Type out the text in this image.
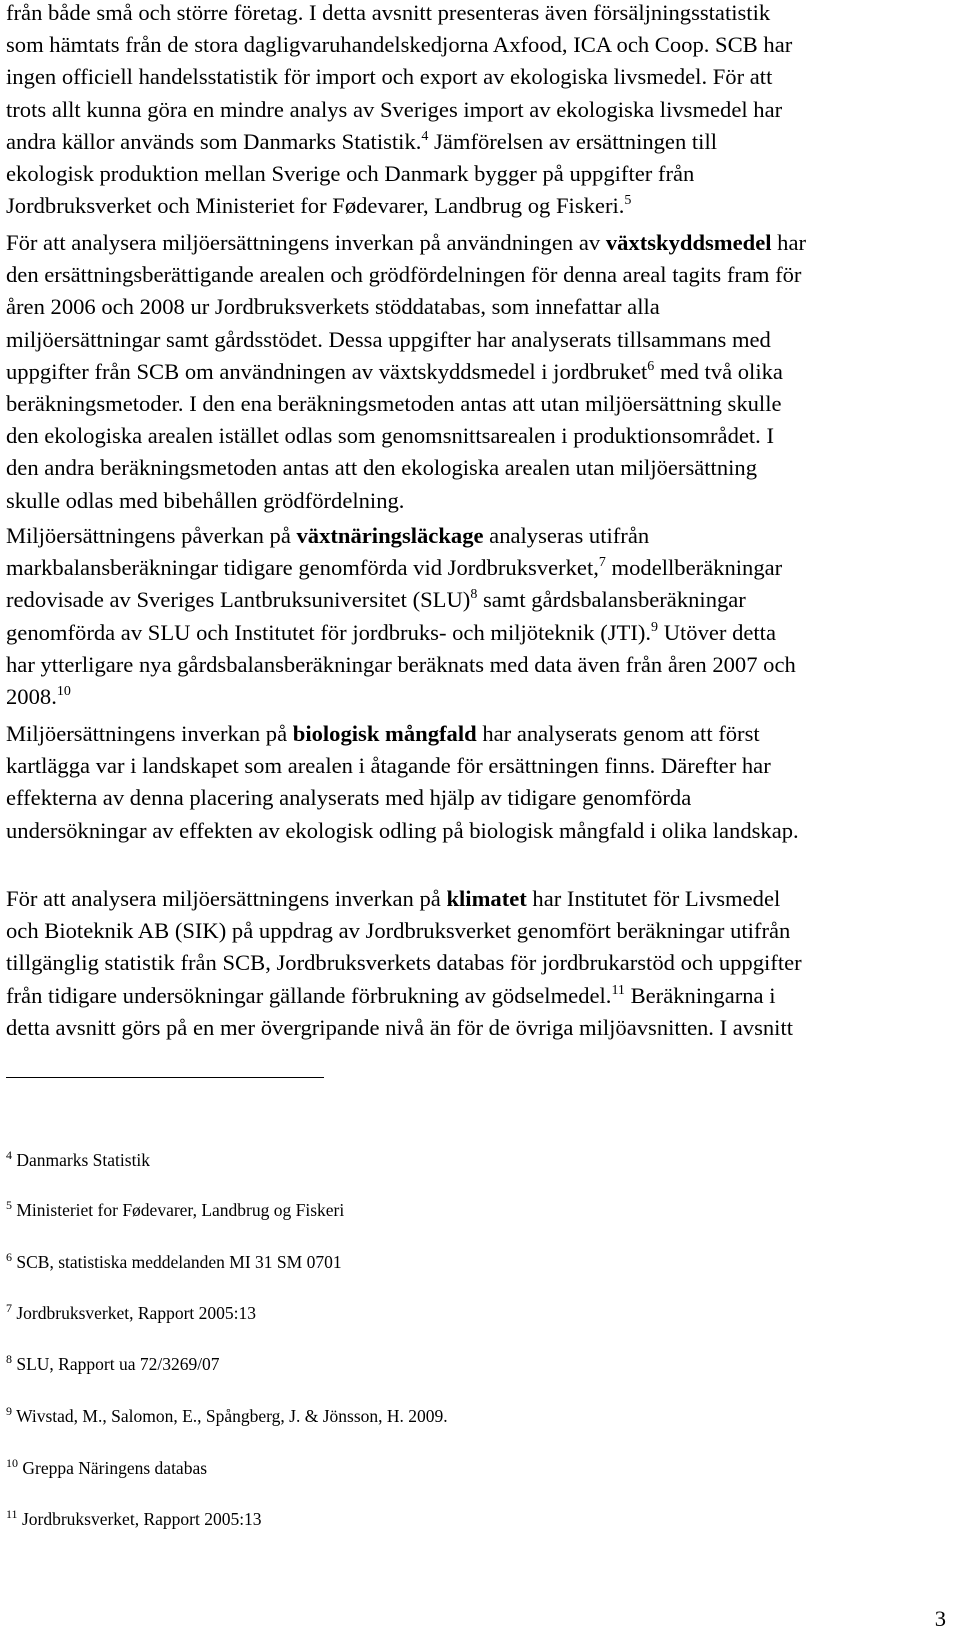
från både små och större företag. I detta avsnitt presenteras även försäljningsstatistik
som hämtats från de stora dagligvaruhandelskedjorna Axfood, ICA och Coop. SCB har
ingen officiell handelsstatistik för import och export av ekologiska livsmedel. För att
trots allt kunna göra en mindre analys av Sveriges import av ekologiska livsmedel har
andra källor används som Danmarks Statistik.$^4$ Jämförelsen av ersättningen till
ekologisk produktion mellan Sverige och Danmark bygger på uppgifter från
Jordbruksverket och Ministeriet for Fødevarer, Landbrug og Fiskeri.$^5$
För att analysera miljöersättningens inverkan på användningen av växtskyddsmedel har
den ersättningsberättigande arealen och grödfördelningen för denna areal tagits fram för
åren 2006 och 2008 ur Jordbruksverkets stöddatabas, som innefattar alla
miljöersättningar samt gårdsstödet. Dessa uppgifter har analyserats tillsammans med
uppgifter från SCB om användningen av växtskyddsmedel i jordbruket$^6$ med två olika
beräkningsmetoder. I den ena beräkningsmetoden antas att utan miljöersättning skulle
den ekologiska arealen istället odlas som genomsnittsarealen i produktionsområdet. I
den andra beräkningsmetoden antas att den ekologiska arealen utan miljöersättning
skulle odlas med bibehållen grödfördelning.
Miljöersättningens påverkan på växtnäringsläckage analyseras utifrån
markbalansberäkningar tidigare genomförda vid Jordbruksverket,$^7$ modellberäkningar
redovisade av Sveriges Lantbruksuniversitet (SLU)$^8$ samt gårdsbalansberäkningar
genomförda av SLU och Institutet för jordbruks- och miljöteknik (JTI).$^9$ Utöver detta
har ytterligare nya gårdsbalansberäkningar beräknats med data även från åren 2007 och
2008.10
Miljöersättningens inverkan på biologisk mångfald har analyserats genom att först
kartlägga var i landskapet som arealen i åtagande för ersättningen finns. Därefter har
effekterna av denna placering analyserats med hjälp av tidigare genomförda
undersökningar av effekten av ekologisk odling på biologisk mångfald i olika landskap.
För att analysera miljöersättningens inverkan på klimatet har Institutet för Livsmedel
och Bioteknik AB (SIK) på uppdrag av Jordbruksverket genomfört beräkningar utifrån
tillgänglig statistik från SCB, Jordbruksverkets databas för jordbrukarstöd och uppgifter
från tidigare undersökningar gällande förbrukning av gödselmedel.$^{11}$ Beräkningarna i
detta avsnitt görs på en mer övergripande nivå än för de övriga miljöavsnitten. I avsnitt
$^4$ Danmarks Statistik
$^5$ Ministeriet for Fødevarer, Landbrug og Fiskeri
$^6$ SCB, statistiska meddelanden MI 31 SM 0701
$^7$ Jordbruksverket, Rapport 2005:13
$^8$ SLU, Rapport ua 72/3269/07
$^9$ Wivstad, M., Salomon, E., Spångberg, J. & Jönsson, H. 2009.
$^{10}$ Greppa Näringens databas
$^{11}$ Jordbruksverket, Rapport 2005:13
3
